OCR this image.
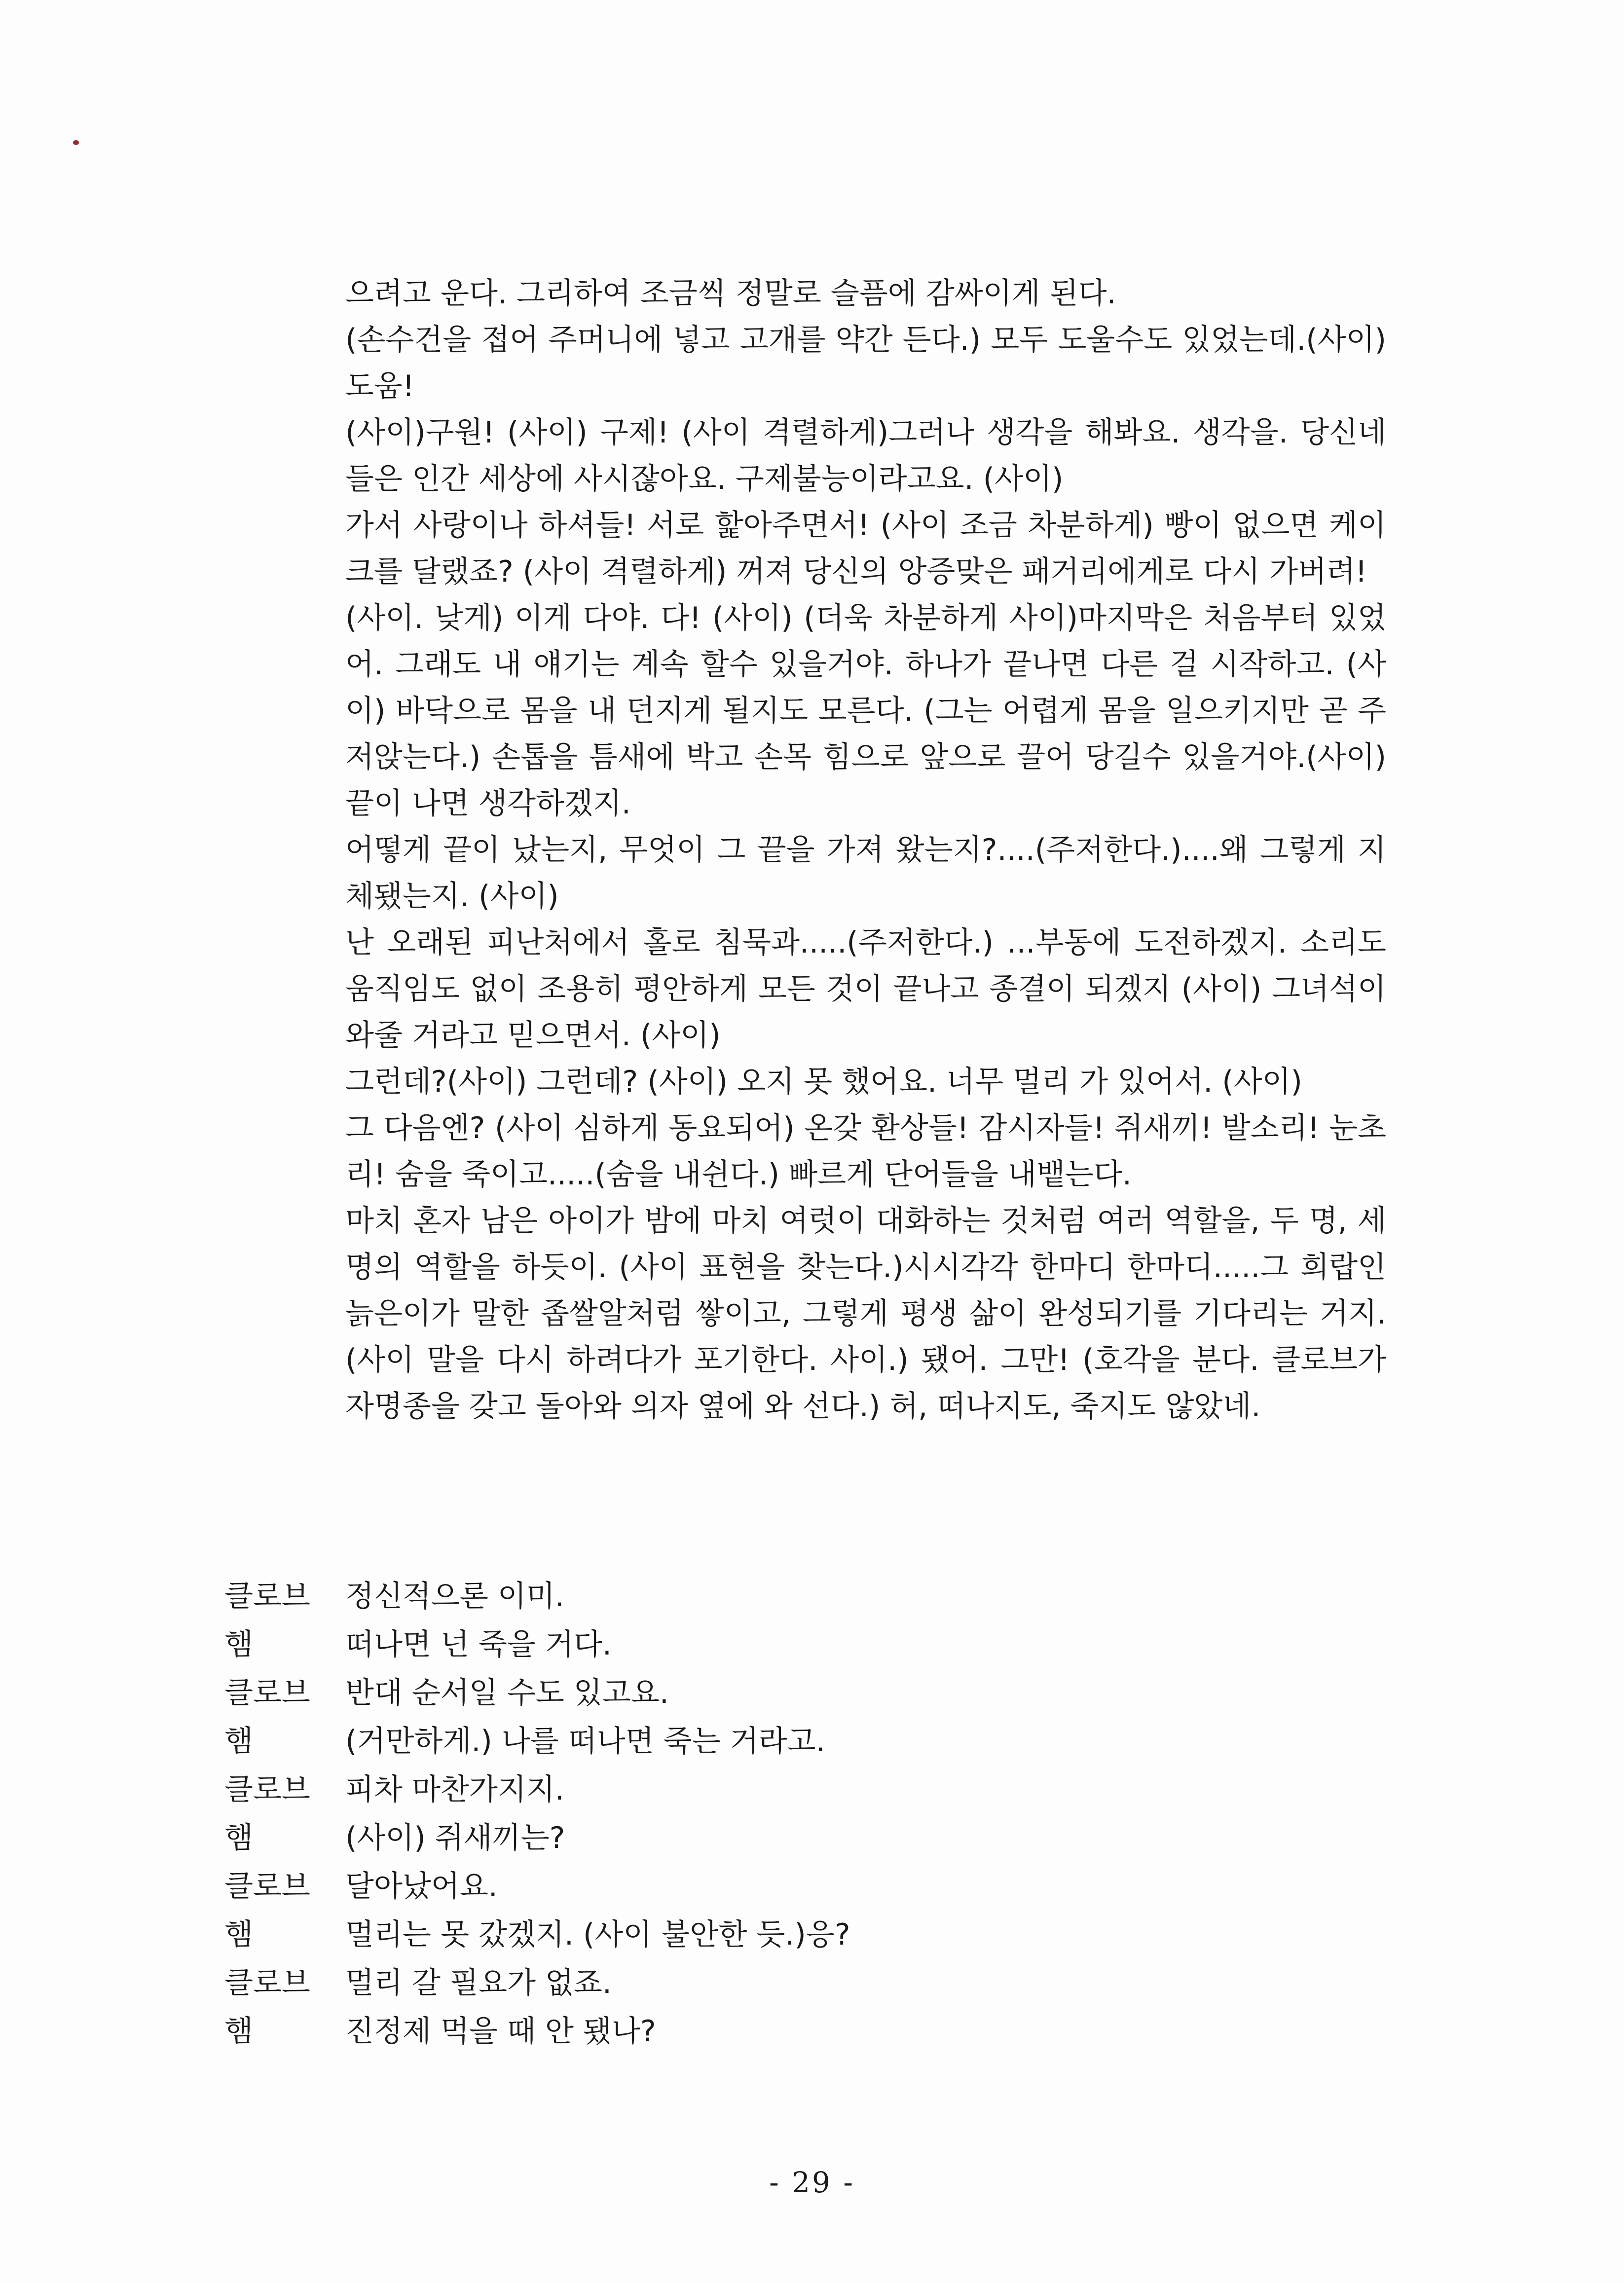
으려고 운다. 그리하여 조금씩 정말로 슬픔에 감싸이게 된다.

(손수건을 접어 주머니에 넣고 고개를 약간 든다.) 모두 도울수도 있었는데.(사이)도움!

(사이)구원! (사이) 구제! (사이 격렬하게)그러나 생각을 해봐요. 생각을. 당신네들은 인간 세상에 사시잖아요. 구제불능이라고요. (사이)

가서 사랑이나 하셔들! 서로 핥아주면서! (사이 조금 차분하게) 빵이 없으면 케이크를 달랬죠? (사이 격렬하게) 꺼져 당신의 앙증맞은 패거리에게로 다시 가버려!

(사이. 낮게) 이게 다야. 다! (사이) (더욱 차분하게 사이)마지막은 처음부터 있었어. 그래도 내 얘기는 계속 할수 있을거야. 하나가 끝나면 다른 걸 시작하고. (사이) 바닥으로 몸을 내 던지게 될지도 모른다. (그는 어렵게 몸을 일으키지만 곧 주저앉는다.) 손톱을 틈새에 박고 손목 힘으로 앞으로 끌어 당길수 있을거야.(사이) 끝이 나면 생각하겠지.

어떻게 끝이 났는지, 무엇이 그 끝을 가져 왔는지?....(주저한다.)....왜 그렇게 지체됐는지. (사이)

난 오래된 피난처에서 홀로 침묵과.....(주저한다.) ...부동에 도전하겠지. 소리도 움직임도 없이 조용히 평안하게 모든 것이 끝나고 종결이 되겠지 (사이) 그녀석이 와줄 거라고 믿으면서. (사이)

그런데?(사이) 그런데? (사이) 오지 못 했어요. 너무 멀리 가 있어서. (사이)

그 다음엔? (사이 심하게 동요되어) 온갖 환상들! 감시자들! 쥐새끼! 발소리! 눈초리! 숨을 죽이고.....(숨을 내쉰다.) 빠르게 단어들을 내뱉는다.

마치 혼자 남은 아이가 밤에 마치 여럿이 대화하는 것처럼 여러 역할을, 두 명, 세 명의 역할을 하듯이. (사이 표현을 찾는다.)시시각각 한마디 한마디.....그 희랍인 늙은이가 말한 좁쌀알처럼 쌓이고, 그렇게 평생 삶이 완성되기를 기다리는 거지.(사이 말을 다시 하려다가 포기한다. 사이.) 됐어. 그만! (호각을 분다. 클로브가 자명종을 갖고 돌아와 의자 옆에 와 선다.) 허, 떠나지도, 죽지도 않았네.

클로브	정신적으론 이미.
햄	떠나면 넌 죽을 거다.
클로브	반대 순서일 수도 있고요.
햄	(거만하게.) 나를 떠나면 죽는 거라고.
클로브	피차 마찬가지지.
햄	(사이) 쥐새끼는?
클로브	달아났어요.
햄	멀리는 못 갔겠지. (사이 불안한 듯.)응?
클로브	멀리 갈 필요가 없죠.
햄	진정제 먹을 때 안 됐나?
- 29 -
